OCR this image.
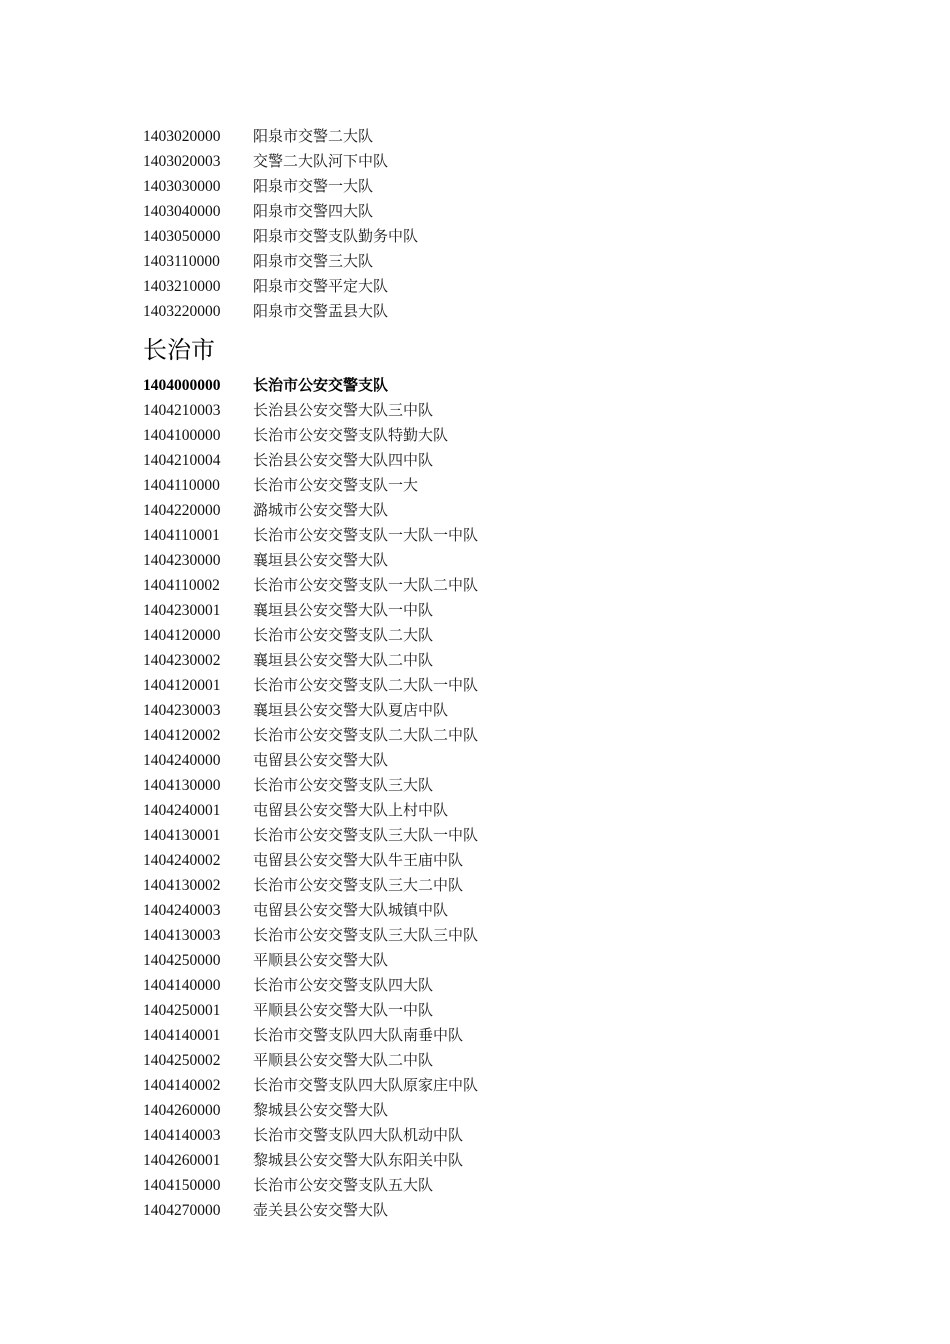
1403020000 阳泉市交警二大队
1403020003 交警二大队河下中队
1403030000 阳泉市交警一大队
1403040000 阳泉市交警四大队
1403050000 阳泉市交警支队勤务中队
1403110000 阳泉市交警三大队
1403210000 阳泉市交警平定大队
1403220000 阳泉市交警盂县大队
长治市
1404000000 长治市公安交警支队
1404210003 长治县公安交警大队三中队
1404100000 长治市公安交警支队特勤大队
1404210004 长治县公安交警大队四中队
1404110000 长治市公安交警支队一大
1404220000 潞城市公安交警大队
1404110001 长治市公安交警支队一大队一中队
1404230000 襄垣县公安交警大队
1404110002 长治市公安交警支队一大队二中队
1404230001 襄垣县公安交警大队一中队
1404120000 长治市公安交警支队二大队
1404230002 襄垣县公安交警大队二中队
1404120001 长治市公安交警支队二大队一中队
1404230003 襄垣县公安交警大队夏店中队
1404120002 长治市公安交警支队二大队二中队
1404240000 屯留县公安交警大队
1404130000 长治市公安交警支队三大队
1404240001 屯留县公安交警大队上村中队
1404130001 长治市公安交警支队三大队一中队
1404240002 屯留县公安交警大队牛王庙中队
1404130002 长治市公安交警支队三大二中队
1404240003 屯留县公安交警大队城镇中队
1404130003 长治市公安交警支队三大队三中队
1404250000 平顺县公安交警大队
1404140000 长治市公安交警支队四大队
1404250001 平顺县公安交警大队一中队
1404140001 长治市交警支队四大队南垂中队
1404250002 平顺县公安交警大队二中队
1404140002 长治市交警支队四大队原家庄中队
1404260000 黎城县公安交警大队
1404140003 长治市交警支队四大队机动中队
1404260001 黎城县公安交警大队东阳关中队
1404150000 长治市公安交警支队五大队
1404270000 壶关县公安交警大队
